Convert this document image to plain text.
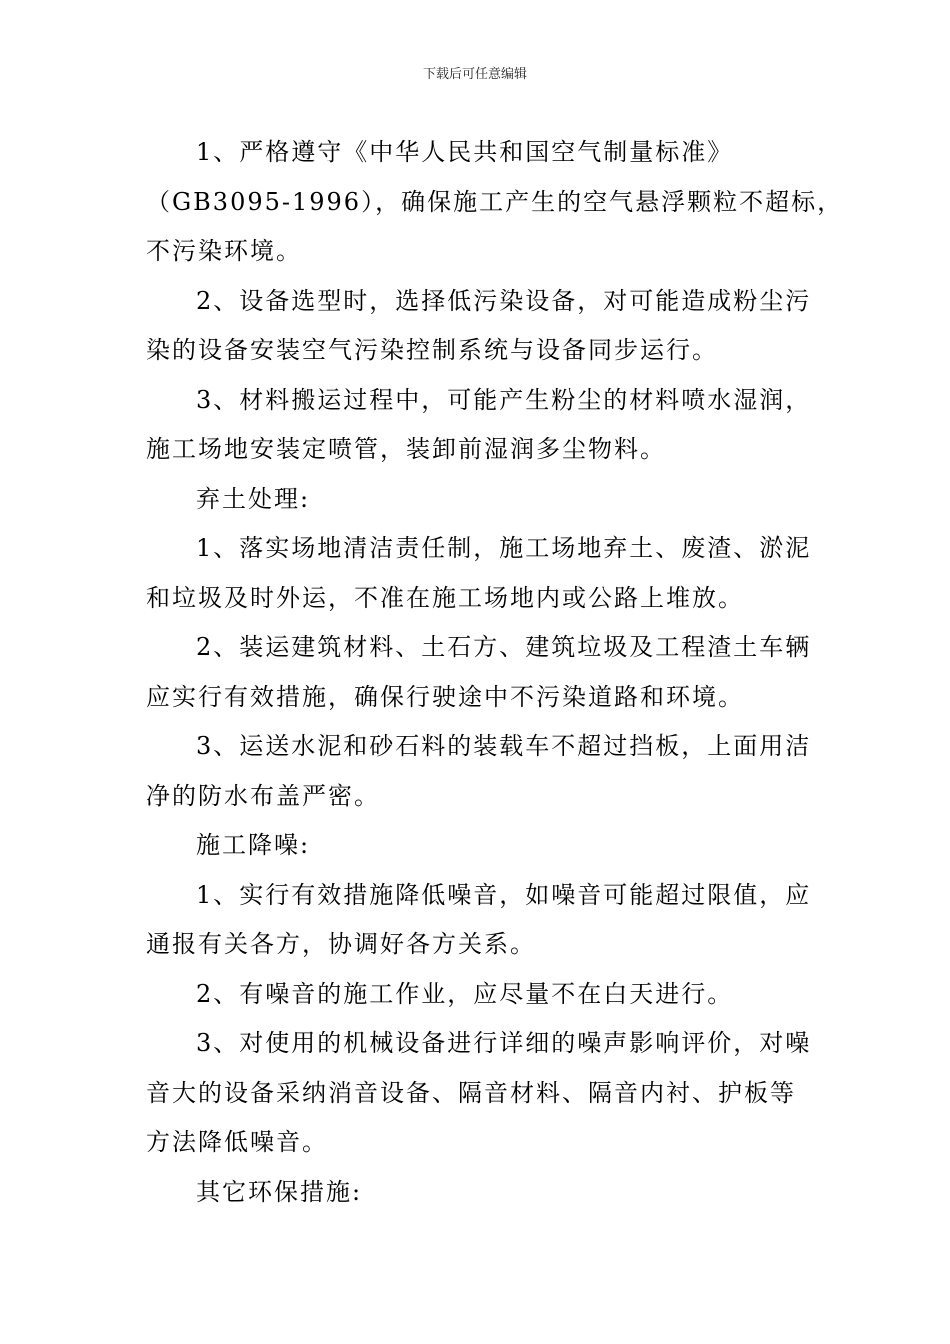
下载后可任意编辑
1、严格遵守《中华人民共和国空气制量标准》
（GB3095-1996），确保施工产生的空气悬浮颗粒不超标，
不污染环境。
2、设备选型时，选择低污染设备，对可能造成粉尘污
染的设备安装空气污染控制系统与设备同步运行。
3、材料搬运过程中，可能产生粉尘的材料喷水湿润，
施工场地安装定喷管，装卸前湿润多尘物料。
弃土处理:
1、落实场地清洁责任制，施工场地弃土、废渣、淤泥
和垃圾及时外运，不准在施工场地内或公路上堆放。
2、装运建筑材料、土石方、建筑垃圾及工程渣土车辆
应实行有效措施，确保行驶途中不污染道路和环境。
3、运送水泥和砂石料的装载车不超过挡板，上面用洁
净的防水布盖严密。
施工降噪:
1、实行有效措施降低噪音，如噪音可能超过限值，应
通报有关各方，协调好各方关系。
2、有噪音的施工作业，应尽量不在白天进行。
3、对使用的机械设备进行详细的噪声影响评价，对噪
音大的设备采纳消音设备、隔音材料、隔音内衬、护板等
方法降低噪音。
其它环保措施:
